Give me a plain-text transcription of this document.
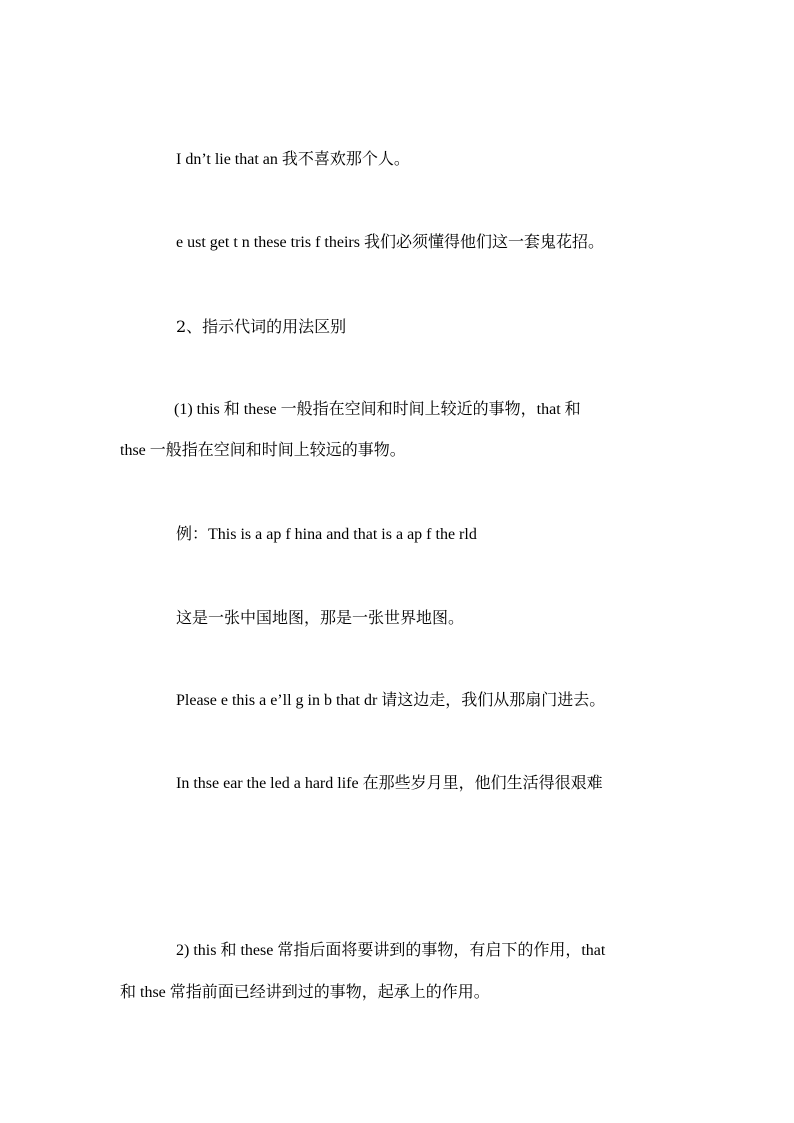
I dn’t lie that an 我不喜欢那个人。
e ust get t n these tris f theirs 我们必须懂得他们这一套鬼花招。
2、指示代词的用法区别
(1) this 和 these 一般指在空间和时间上较近的事物，that 和
thse 一般指在空间和时间上较远的事物。
例：This is a ap f hina and that is a ap f the rld
这是一张中国地图，那是一张世界地图。
Please e this a e’ll g in b that dr 请这边走，我们从那扇门进去。
In thse ear the led a hard life 在那些岁月里，他们生活得很艰难
2) this 和 these 常指后面将要讲到的事物，有启下的作用，that
和 thse 常指前面已经讲到过的事物，起承上的作用。
